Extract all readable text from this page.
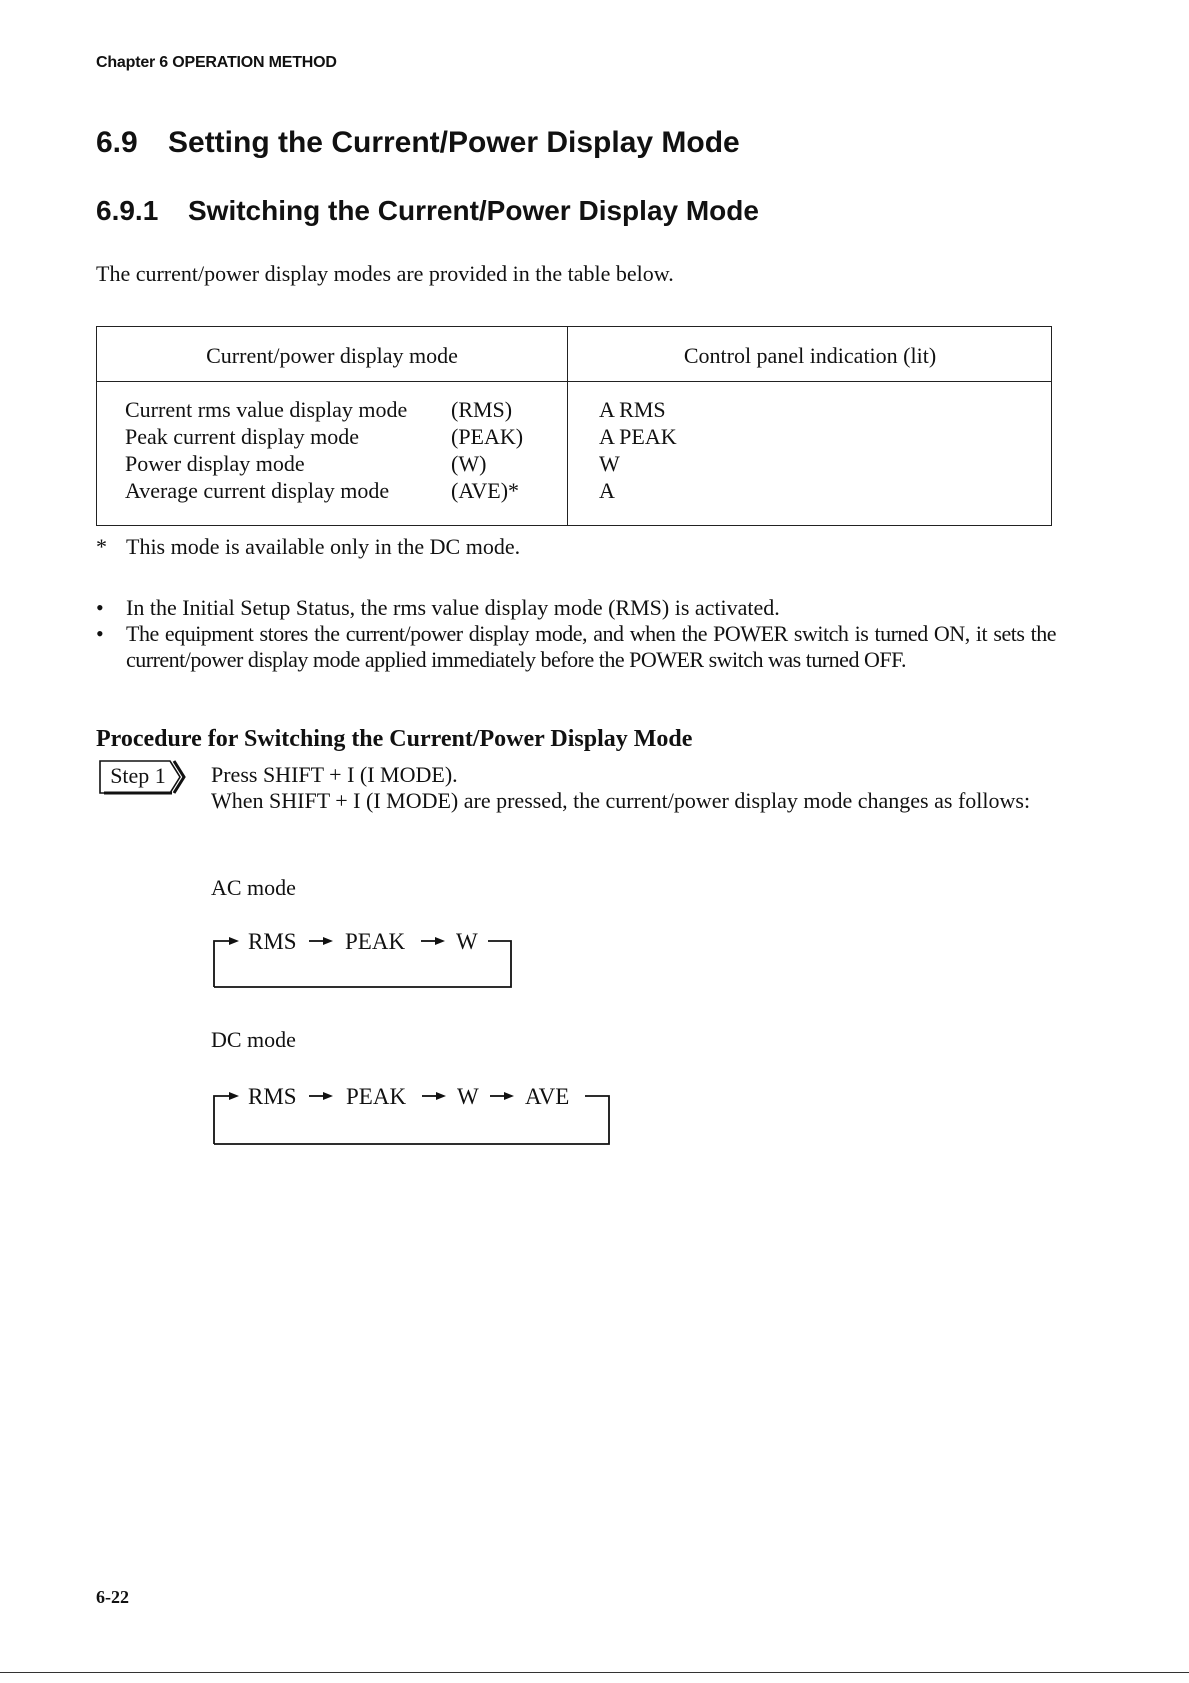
Chapter 6 OPERATION METHOD
6.9 Setting the Current/Power Display Mode
6.9.1 Switching the Current/Power Display Mode
The current/power display modes are provided in the table below.
Current/power display mode	Control panel indication (lit)
Current rms value display mode (RMS)	A RMS
Peak current display mode	(PEAK)	A PEAK
Power display mode	(W)	W
Average current display mode	(AVE)*	A
* This mode is available only in the DC mode.
• In the Initial Setup Status, the rms value display mode (RMS) is activated.
• The equipment stores the current/power display mode, and when the POWER switch is turned ON, it sets the current/power display mode applied immediately before the POWER switch was turned OFF.
Procedure for Switching the Current/Power Display Mode
Step 1	Press SHIFT + I (I MODE).

When SHIFT + I (I MODE) are pressed, the current/power display mode changes as follows:

AC mode
RMS PEAK W
DC mode
RMS PEAK W AVE
6-22
